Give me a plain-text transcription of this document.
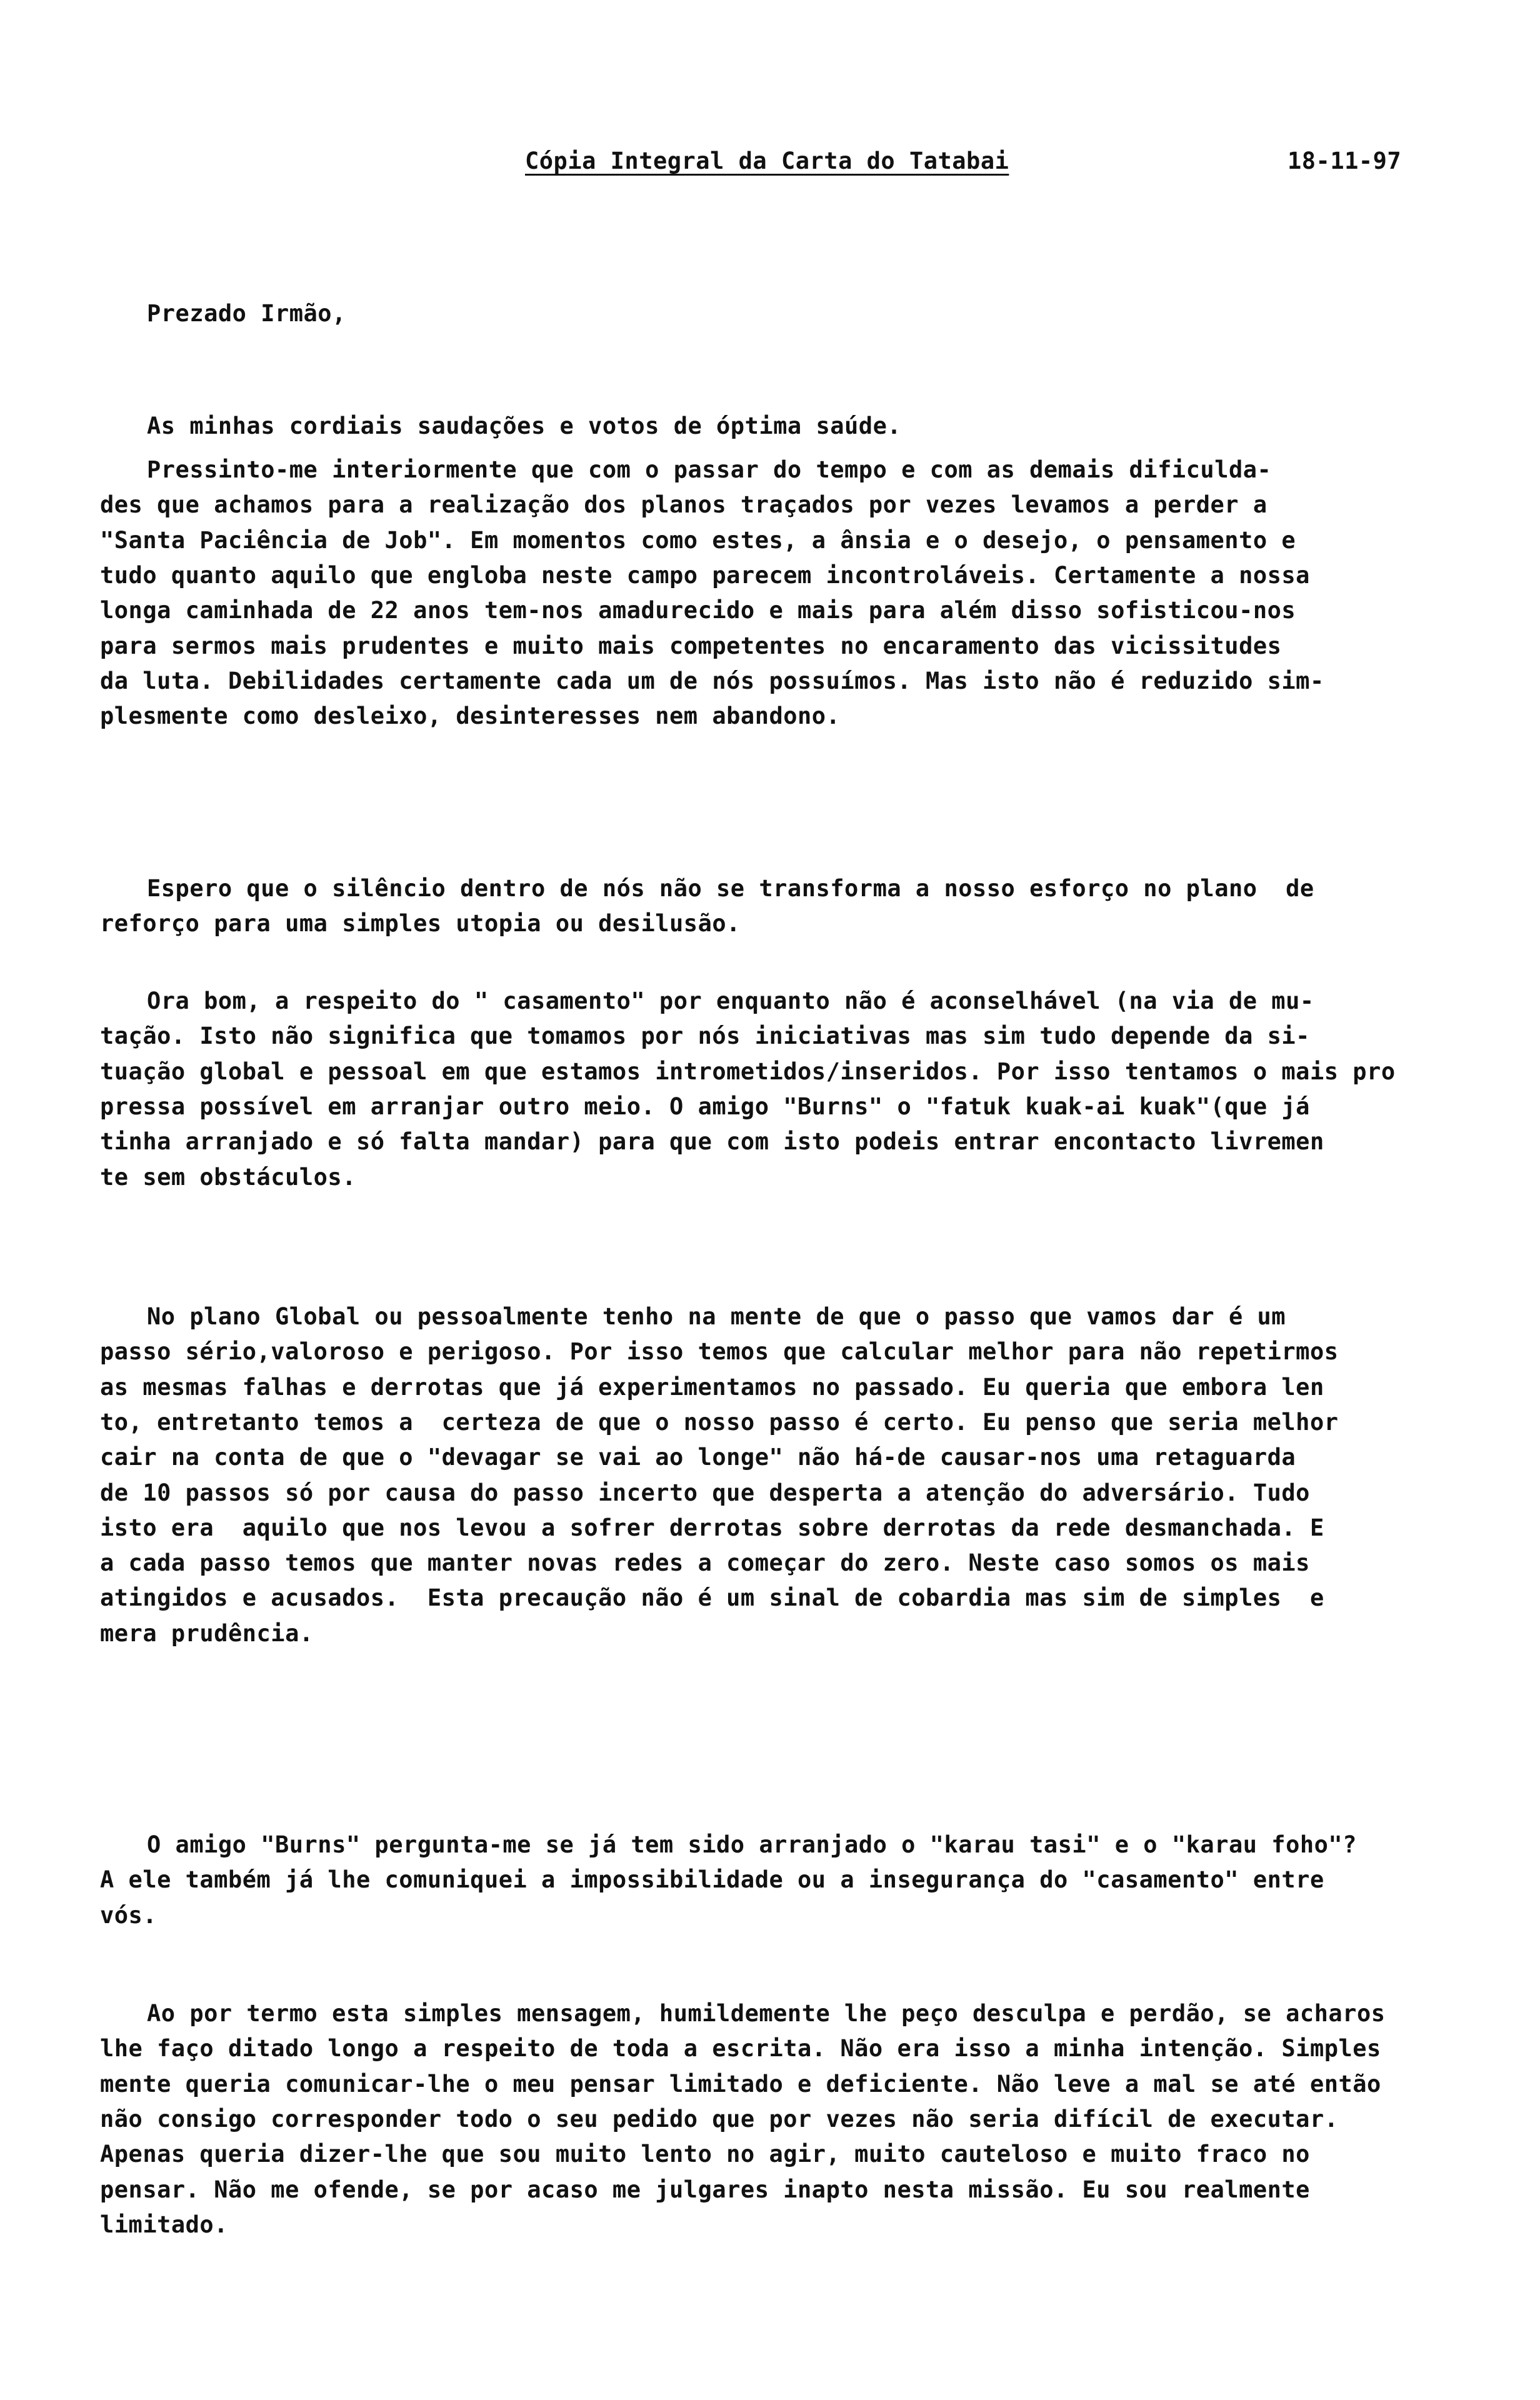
Cópia Integral da Carta do Tatabai	18-11-97
Prezado Irmão,
As minhas cordiais saudações e votos de óptima saúde.
Pressinto-me interiormente que com o passar do tempo e com as demais dificulda-
des que achamos para a realização dos planos traçados por vezes levamos a perder a
"Santa Paciência de Job". Em momentos como estes, a ânsia e o desejo, o pensamento e
tudo quanto aquilo que engloba neste campo parecem incontroláveis. Certamente a nossa
longa caminhada de 22 anos tem-nos amadurecido e mais para além disso sofisticou-nos
para sermos mais prudentes e muito mais competentes no encaramento das vicissitudes
da luta. Debilidades certamente cada um de nós possuímos. Mas isto não é reduzido sim-
plesmente como desleixo, desinteresses nem abandono.
Espero que o silêncio dentro de nós não se transforma a nosso esforço no plano  de
reforço para uma simples utopia ou desilusão.
Ora bom, a respeito do " casamento" por enquanto não é aconselhável (na via de mu-
tação. Isto não significa que tomamos por nós iniciativas mas sim tudo depende da si-
tuação global e pessoal em que estamos intrometidos/inseridos. Por isso tentamos o mais pro
pressa possível em arranjar outro meio. O amigo "Burns" o "fatuk kuak-ai kuak"(que já
tinha arranjado e só falta mandar) para que com isto podeis entrar encontacto livremen
te sem obstáculos.
No plano Global ou pessoalmente tenho na mente de que o passo que vamos dar é um
passo sério,valoroso e perigoso. Por isso temos que calcular melhor para não repetirmos
as mesmas falhas e derrotas que já experimentamos no passado. Eu queria que embora len
to, entretanto temos a  certeza de que o nosso passo é certo. Eu penso que seria melhor
cair na conta de que o "devagar se vai ao longe" não há-de causar-nos uma retaguarda
de 10 passos só por causa do passo incerto que desperta a atenção do adversário. Tudo
isto era  aquilo que nos levou a sofrer derrotas sobre derrotas da rede desmanchada. E
a cada passo temos que manter novas redes a começar do zero. Neste caso somos os mais
atingidos e acusados.  Esta precaução não é um sinal de cobardia mas sim de simples  e
mera prudência.
O amigo "Burns" pergunta-me se já tem sido arranjado o "karau tasi" e o "karau foho"?
A ele também já lhe comuniquei a impossibilidade ou a insegurança do "casamento" entre
vós.
Ao por termo esta simples mensagem, humildemente lhe peço desculpa e perdão, se acharos
lhe faço ditado longo a respeito de toda a escrita. Não era isso a minha intenção. Simples
mente queria comunicar-lhe o meu pensar limitado e deficiente. Não leve a mal se até então
não consigo corresponder todo o seu pedido que por vezes não seria difícil de executar.
Apenas queria dizer-lhe que sou muito lento no agir, muito cauteloso e muito fraco no
pensar. Não me ofende, se por acaso me julgares inapto nesta missão. Eu sou realmente
limitado.
